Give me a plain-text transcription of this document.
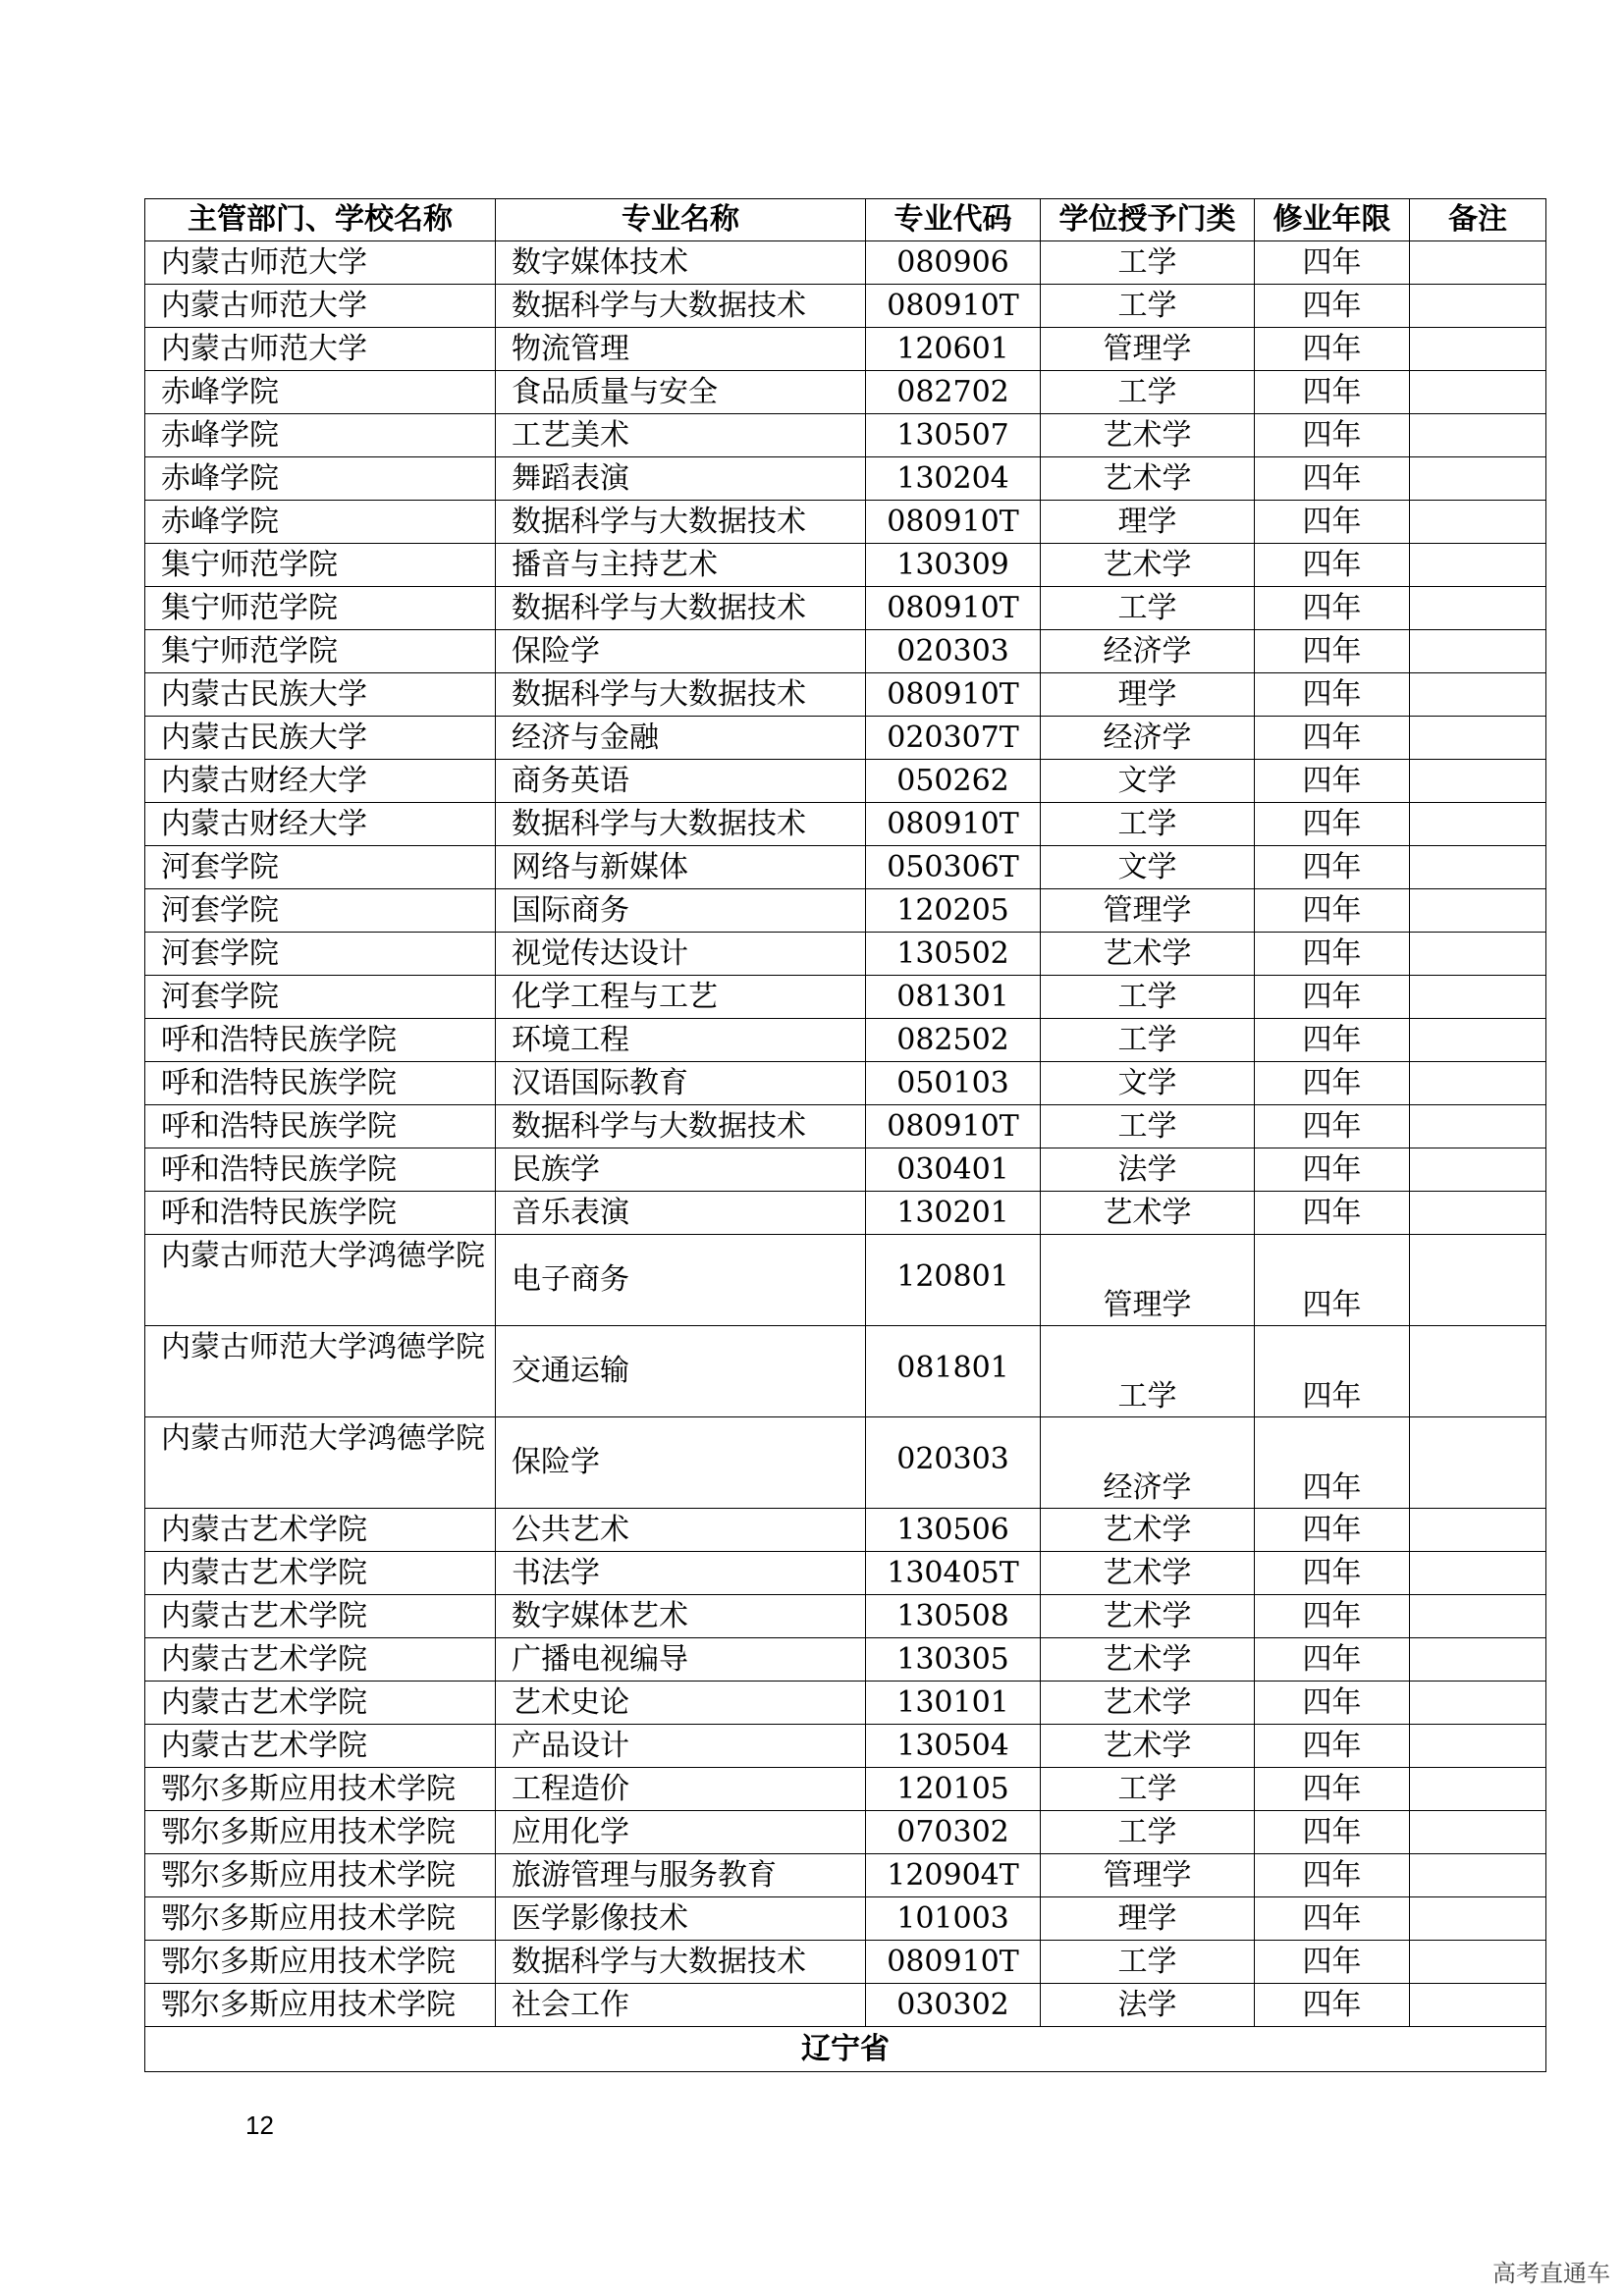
主管部门、学校名称	专业名称	专业代码	学位授予门类	修业年限	备注
内蒙古师范大学	数字媒体技术	080906	工学	四年	
内蒙古师范大学	数据科学与大数据技术	080910T	工学	四年	
内蒙古师范大学	物流管理	120601	管理学	四年	
赤峰学院	食品质量与安全	082702	工学	四年	
赤峰学院	工艺美术	130507	艺术学	四年	
赤峰学院	舞蹈表演	130204	艺术学	四年	
赤峰学院	数据科学与大数据技术	080910T	理学	四年	
集宁师范学院	播音与主持艺术	130309	艺术学	四年	
集宁师范学院	数据科学与大数据技术	080910T	工学	四年	
集宁师范学院	保险学	020303	经济学	四年	
内蒙古民族大学	数据科学与大数据技术	080910T	理学	四年	
内蒙古民族大学	经济与金融	020307T	经济学	四年	
内蒙古财经大学	商务英语	050262	文学	四年	
内蒙古财经大学	数据科学与大数据技术	080910T	工学	四年	
河套学院	网络与新媒体	050306T	文学	四年	
河套学院	国际商务	120205	管理学	四年	
河套学院	视觉传达设计	130502	艺术学	四年	
河套学院	化学工程与工艺	081301	工学	四年	
呼和浩特民族学院	环境工程	082502	工学	四年	
呼和浩特民族学院	汉语国际教育	050103	文学	四年	
呼和浩特民族学院	数据科学与大数据技术	080910T	工学	四年	
呼和浩特民族学院	民族学	030401	法学	四年	
呼和浩特民族学院	音乐表演	130201	艺术学	四年	
内蒙古师范大学鸿德学院	电子商务	120801	管理学	四年	
内蒙古师范大学鸿德学院	交通运输	081801	工学	四年	
内蒙古师范大学鸿德学院	保险学	020303	经济学	四年	
内蒙古艺术学院	公共艺术	130506	艺术学	四年	
内蒙古艺术学院	书法学	130405T	艺术学	四年	
内蒙古艺术学院	数字媒体艺术	130508	艺术学	四年	
内蒙古艺术学院	广播电视编导	130305	艺术学	四年	
内蒙古艺术学院	艺术史论	130101	艺术学	四年	
内蒙古艺术学院	产品设计	130504	艺术学	四年	
鄂尔多斯应用技术学院	工程造价	120105	工学	四年	
鄂尔多斯应用技术学院	应用化学	070302	工学	四年	
鄂尔多斯应用技术学院	旅游管理与服务教育	120904T	管理学	四年	
鄂尔多斯应用技术学院	医学影像技术	101003	理学	四年	
鄂尔多斯应用技术学院	数据科学与大数据技术	080910T	工学	四年	
鄂尔多斯应用技术学院	社会工作	030302	法学	四年	
辽宁省					
12
高考直通车
